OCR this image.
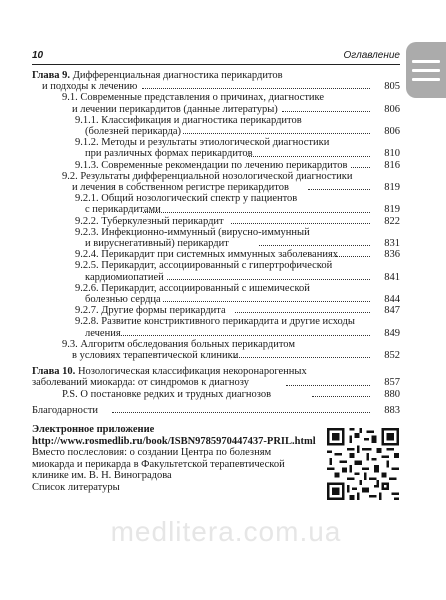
10	Оглавление
Глава 9. Дифференциальная диагностика перикардитов
и подходы к лечению	805
9.1. Современные представления о причинах, диагностике
и лечении перикардитов (данные литературы)	806
9.1.1. Классификация и диагностика перикардитов
(болезней перикарда)	806
9.1.2. Методы и результаты этиологической диагностики
при различных формах перикардитов	810
9.1.3. Современные рекомендации по лечению перикардитов	816
9.2. Результаты дифференциальной нозологической диагностики
и лечения в собственном регистре перикардитов	819
9.2.1. Общий нозологический спектр у пациентов
с перикардитами	819
9.2.2. Туберкулезный перикардит	822
9.2.3. Инфекционно-иммунный (вирусно-иммунный
и вируснегативный) перикардит	831
9.2.4. Перикардит при системных иммунных заболеваниях	836
9.2.5. Перикардит, ассоциированный с гипертрофической
кардиомиопатией	841
9.2.6. Перикардит, ассоциированный с ишемической
болезнью сердца	844
9.2.7. Другие формы перикардита	847
9.2.8. Развитие констриктивного перикардита и другие исходы
лечения	849
9.3. Алгоритм обследования больных перикардитом
в условиях терапевтической клиники	852
Глава 10. Нозологическая классификация некоронарогенных
заболеваний миокарда: от синдромов к диагнозу	857
P.S. О постановке редких и трудных диагнозов	880
Благодарности	883
Электронное приложение
http://www.rosmedlib.ru/book/ISBN9785970447437-PRIL.html
Вместо послесловия: о создании Центра по болезням
миокарда и перикарда в Факультетской терапевтической
клинике им. В. Н. Виноградова
Список литературы
medlitera.com.ua
